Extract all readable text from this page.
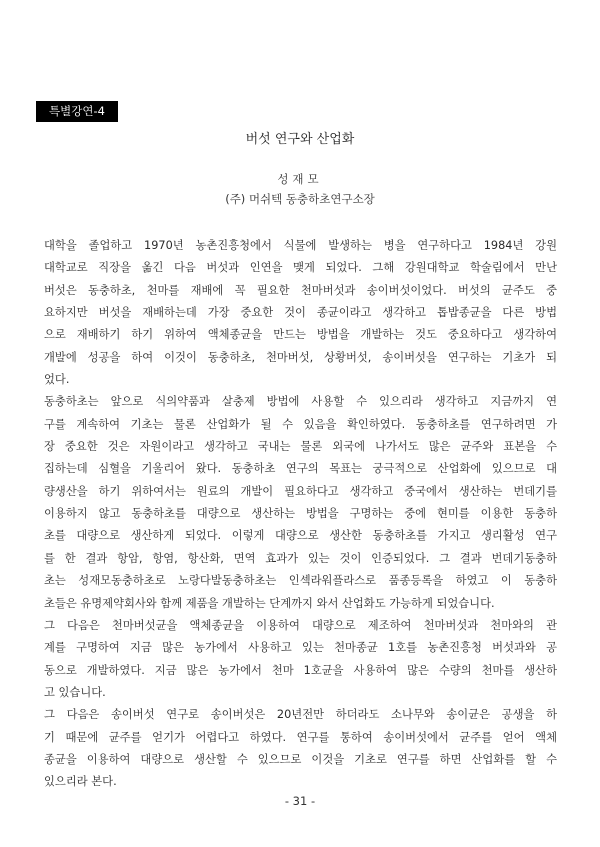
특별강연-4
버섯 연구와 산업화
성재모
(주) 머쉬텍 동충하초연구소장
대학을 졸업하고 1970년 농촌진흥청에서 식물에 발생하는 병을 연구하다고 1984년 강원
대학교로 직장을 옮긴 다음 버섯과 인연을 맺게 되었다. 그해 강원대학교 학술림에서 만난
버섯은 동충하초, 천마를 재배에 꼭 필요한 천마버섯과 송이버섯이었다. 버섯의 균주도 중
요하지만 버섯을 재배하는데 가장 중요한 것이 종균이라고 생각하고 톱밥종균을 다른 방법
으로 재배하기 하기 위하여 액체종균을 만드는 방법을 개발하는 것도 중요하다고 생각하여
개발에 성공을 하여 이것이 동충하초, 천마버섯, 상황버섯, 송이버섯을 연구하는 기초가 되
었다.
동충하초는 앞으로 식의약품과 살충제 방법에 사용할 수 있으리라 생각하고 지금까지 연
구를 계속하여 기초는 물론 산업화가 될 수 있음을 확인하였다. 동충하초를 연구하려면 가
장 중요한 것은 자원이라고 생각하고 국내는 물론 외국에 나가서도 많은 균주와 표본을 수
집하는데 심혈을 기울리어 왔다. 동충하초 연구의 목표는 궁극적으로 산업화에 있으므로 대
량생산을 하기 위하여서는 원료의 개발이 필요하다고 생각하고 중국에서 생산하는 번데기를
이용하지 않고 동충하초를 대량으로 생산하는 방법을 구명하는 중에 현미를 이용한 동충하
초를 대량으로 생산하게 되었다. 이렇게 대량으로 생산한 동충하초를 가지고 생리활성 연구
를 한 결과 항암, 항염, 항산화, 면역 효과가 있는 것이 인증되었다. 그 결과 번데기동충하
초는 성재모동충하초로 노랑다발동충하초는 인섹라워플라스로 품종등록을 하였고 이 동충하
초들은 유명제약회사와 함께 제품을 개발하는 단계까지 와서 산업화도 가능하게 되었습니다.
그 다음은 천마버섯균을 액체종균을 이용하여 대량으로 제조하여 천마버섯과 천마와의 관
계를 구명하여 지금 많은 농가에서 사용하고 있는 천마종균 1호를 농촌진흥청 버섯과와 공
동으로 개발하였다. 지금 많은 농가에서 천마 1호균을 사용하여 많은 수량의 천마를 생산하
고 있습니다.
그 다음은 송이버섯 연구로 송이버섯은 20년전만 하더라도 소나무와 송이균은 공생을 하
기 때문에 균주를 얻기가 어렵다고 하였다. 연구를 통하여 송이버섯에서 균주를 얻어 액체
종균을 이용하여 대량으로 생산할 수 있으므로 이것을 기초로 연구를 하면 산업화를 할 수
있으리라 본다.
- 31 -
